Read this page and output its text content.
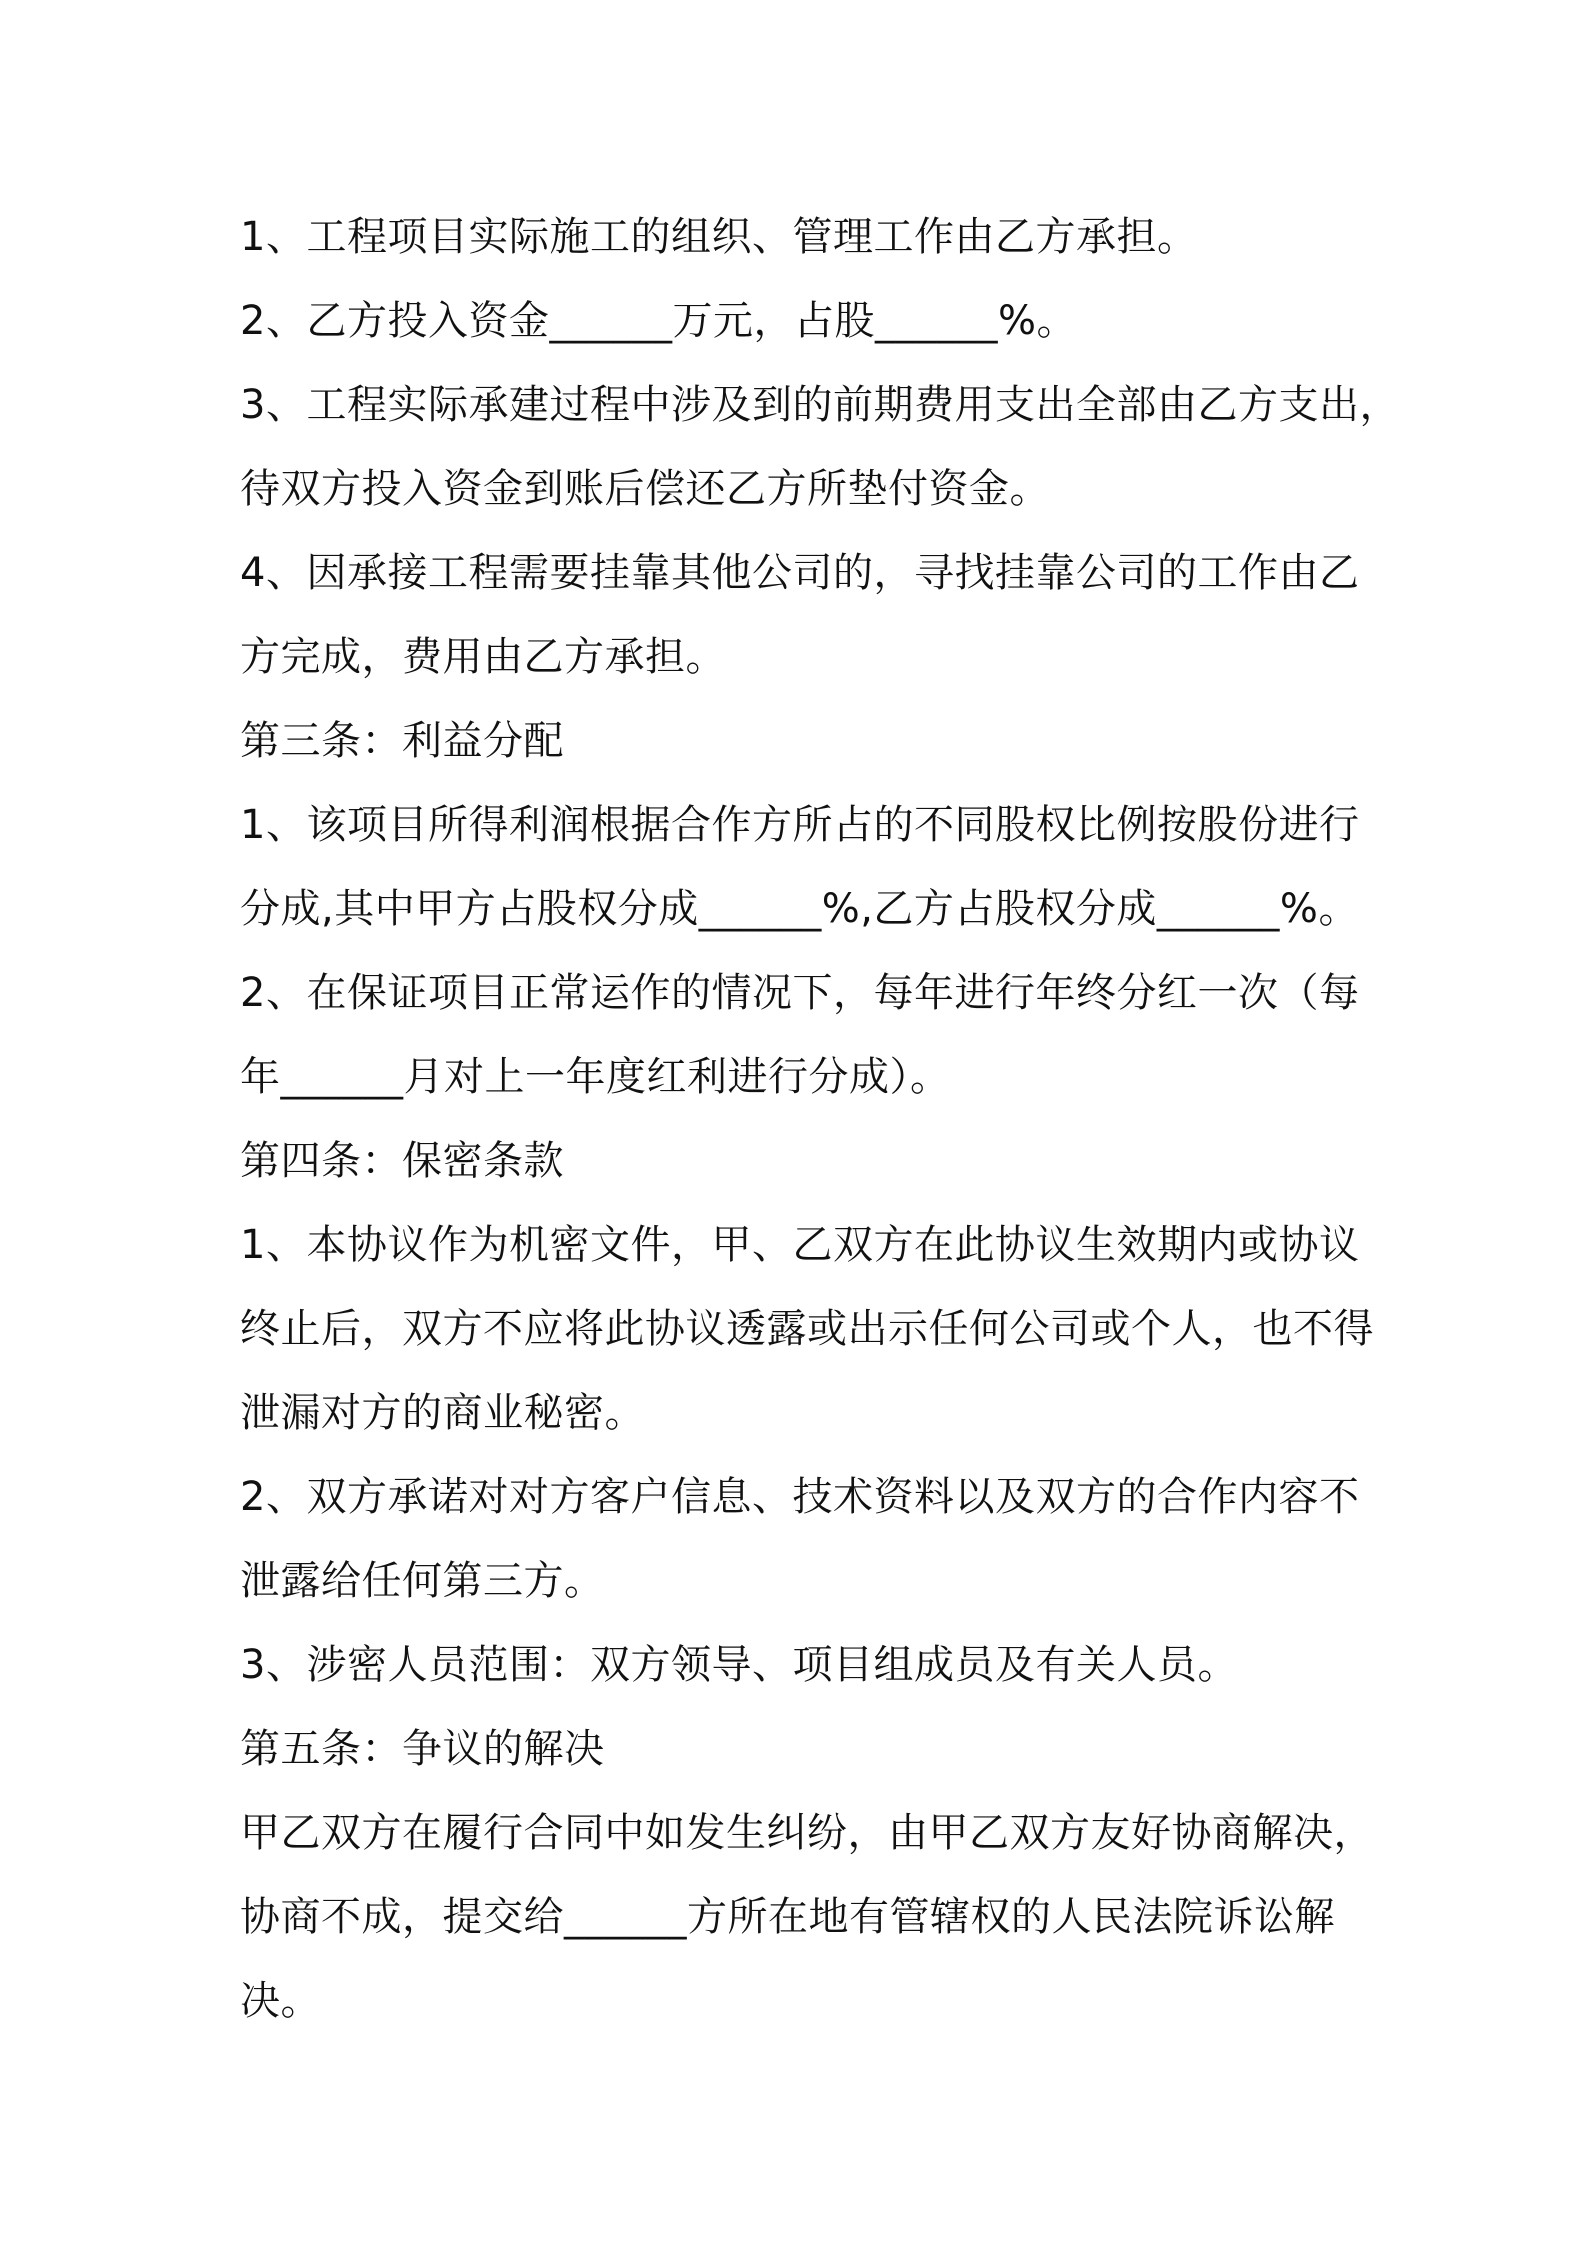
1、工程项目实际施工的组织、管理工作由乙方承担。
2、乙方投入资金______万元，占股______%。
3、工程实际承建过程中涉及到的前期费用支出全部由乙方支出，
待双方投入资金到账后偿还乙方所垫付资金。
4、因承接工程需要挂靠其他公司的，寻找挂靠公司的工作由乙
方完成，费用由乙方承担。
第三条：利益分配
1、该项目所得利润根据合作方所占的不同股权比例按股份进行
分成,其中甲方占股权分成______%,乙方占股权分成______%。
2、在保证项目正常运作的情况下，每年进行年终分红一次（每
年______月对上一年度红利进行分成）。
第四条：保密条款
1、本协议作为机密文件，甲、乙双方在此协议生效期内或协议
终止后，双方不应将此协议透露或出示任何公司或个人，也不得
泄漏对方的商业秘密。
2、双方承诺对对方客户信息、技术资料以及双方的合作内容不
泄露给任何第三方。
3、涉密人员范围：双方领导、项目组成员及有关人员。
第五条：争议的解决
甲乙双方在履行合同中如发生纠纷，由甲乙双方友好协商解决，
协商不成，提交给______方所在地有管辖权的人民法院诉讼解
决。
